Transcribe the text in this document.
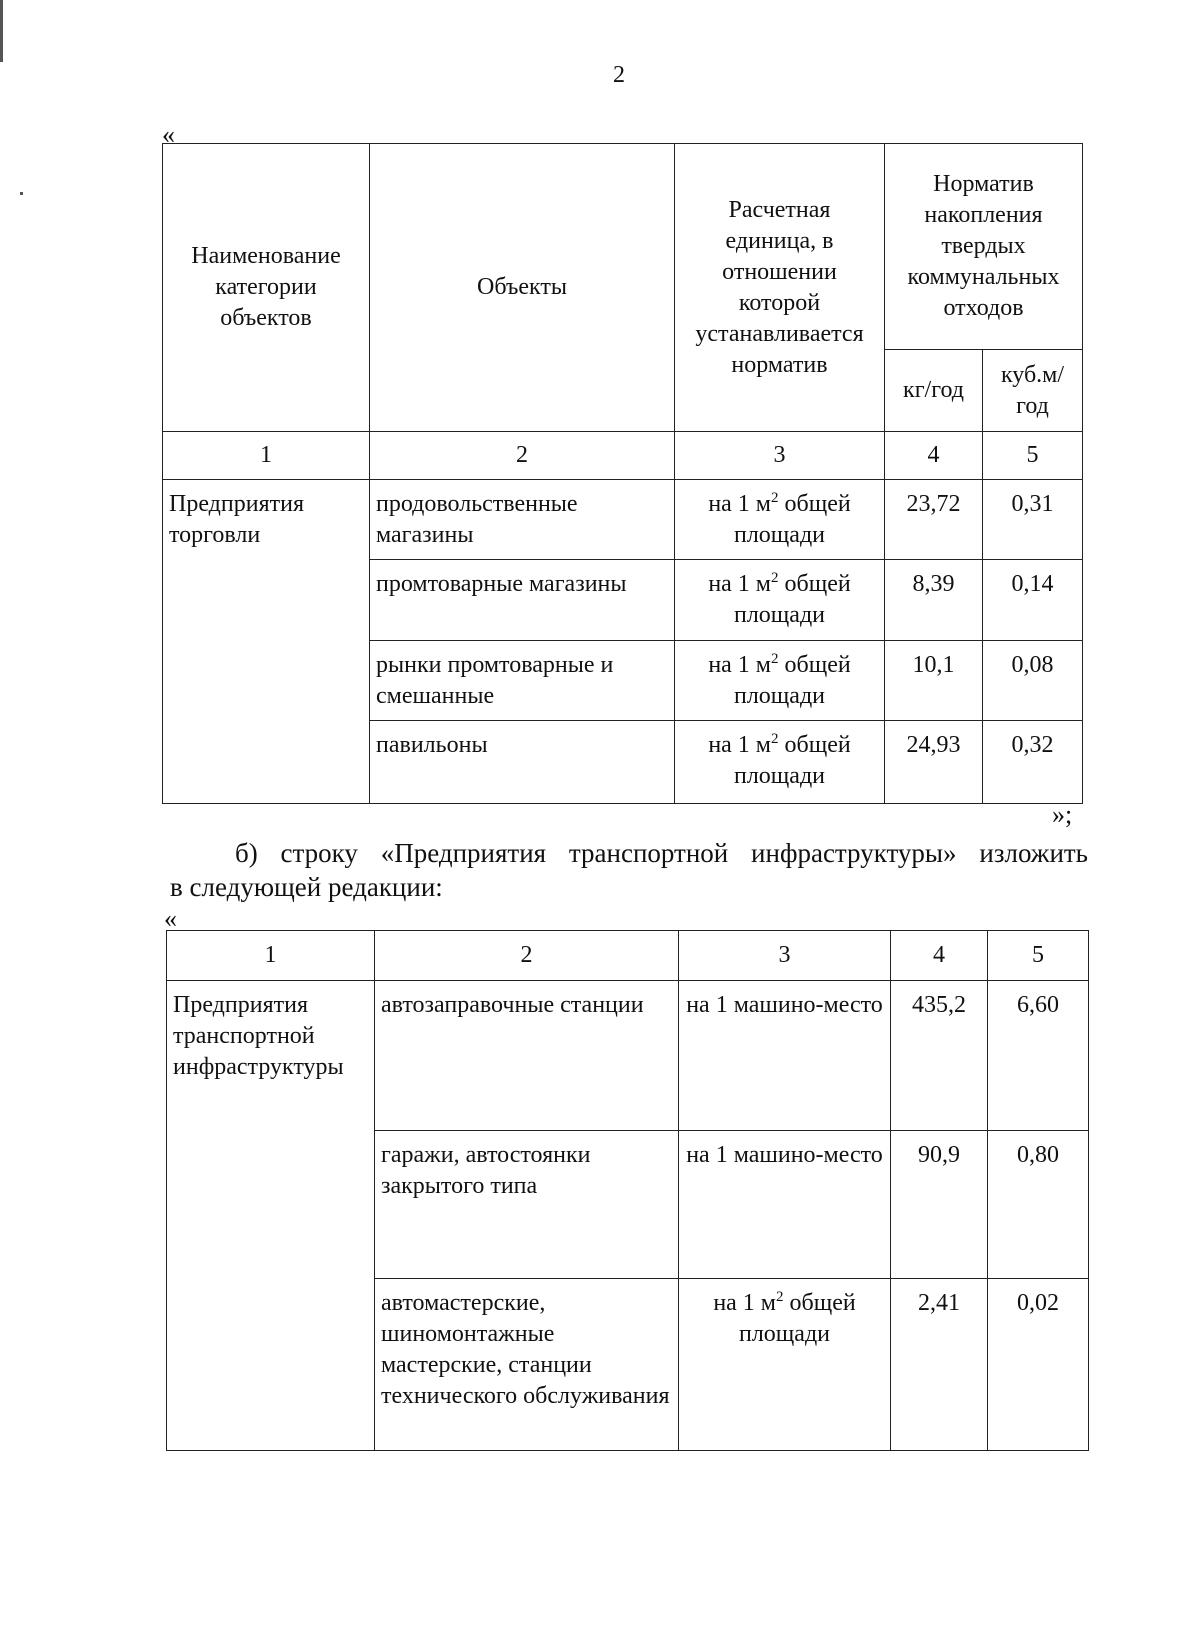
2
«
Наименование категории объектов	Объекты	Расчетная единица, в отношении которой устанавливается норматив	Норматив накопления твердых коммунальных отходов	
			кг/год	куб.м/ год
1	2	3	4	5
Предприятия торговли	продовольственные магазины	на 1 $м^2$ общей площади	23,72	0,31
	промтоварные магазины	на 1 $м^2$ общей площади	8,39	0,14
	рынки промтоварные и смешанные	на 1 $м^2$ общей площади	10,1	0,08
	павильоны	на 1 $м^2$ общей площади	24,93	0,32
»;
б) строку «Предприятия транспортной инфраструктуры» изложить
в следующей редакции:
«
1	2	3	4	5
Предприятия транспортной инфраструктуры	автозаправочные станции	на 1 машино-место	435,2	6,60
	гаражи, автостоянки закрытого типа	на 1 машино-место	90,9	0,80
	автомастерские, шиномонтажные мастерские, станции технического обслуживания	на 1 $м^2$ общей площади	2,41	0,02
